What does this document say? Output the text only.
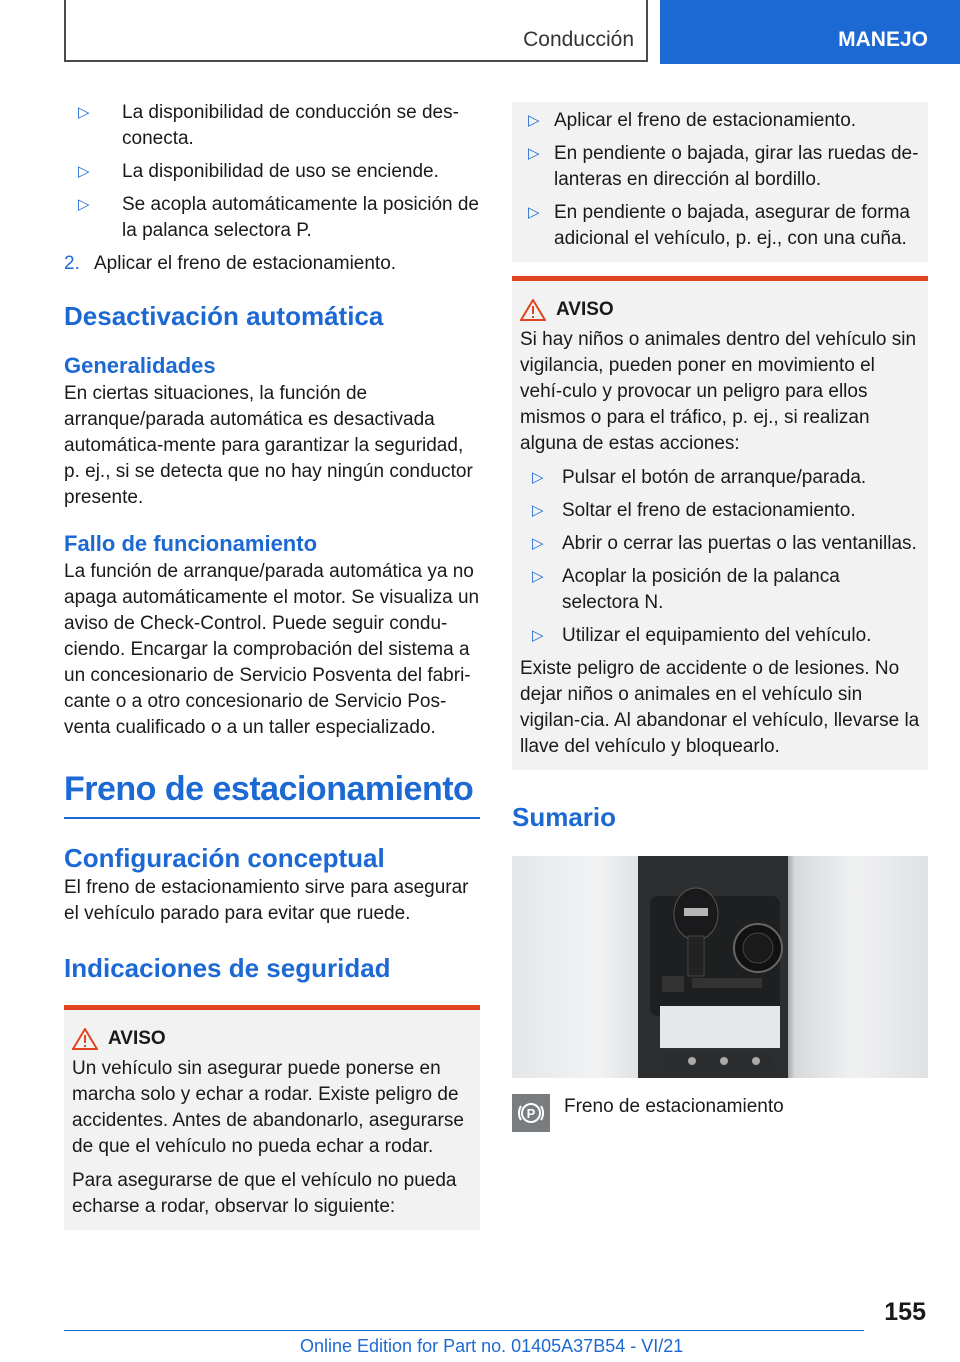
Conducción	MANEJO
▷ La disponibilidad de conducción se des-conecta.
▷ La disponibilidad de uso se enciende.
▷ Se acopla automáticamente la posición de la palanca selectora P.
2. Aplicar el freno de estacionamiento.
Desactivación automática
Generalidades

En ciertas situaciones, la función de arranque/parada automática es desactivada automática-mente para garantizar la seguridad, p. ej., si se detecta que no hay ningún conductor presente.

Fallo de funcionamiento

La función de arranque/parada automática ya no apaga automáticamente el motor. Se visualiza un aviso de Check-Control. Puede seguir condu-ciendo. Encargar la comprobación del sistema a un concesionario de Servicio Posventa del fabri-cante o a otro concesionario de Servicio Pos-venta cualificado o a un taller especializado.

Freno de estacionamiento
Configuración conceptual

El freno de estacionamiento sirve para asegurar el vehículo parado para evitar que ruede.

Indicaciones de seguridad
AVISO

Un vehículo sin asegurar puede ponerse en marcha solo y echar a rodar. Existe peligro de accidentes. Antes de abandonarlo, asegurarse de que el vehículo no pueda echar a rodar.

Para asegurarse de que el vehículo no pueda echarse a rodar, observar lo siguiente:

▷ Aplicar el freno de estacionamiento.
▷ En pendiente o bajada, girar las ruedas de-lanteras en dirección al bordillo.
▷ En pendiente o bajada, asegurar de forma adicional el vehículo, p. ej., con una cuña.
AVISO

Si hay niños o animales dentro del vehículo sin vigilancia, pueden poner en movimiento el vehí-culo y provocar un peligro para ellos mismos o para el tráfico, p. ej., si realizan alguna de estas acciones:

▷ Pulsar el botón de arranque/parada.
▷ Soltar el freno de estacionamiento.
▷ Abrir o cerrar las puertas o las ventanillas.
▷ Acoplar la posición de la palanca selectora N.
▷ Utilizar el equipamiento del vehículo.

Existe peligro de accidente o de lesiones. No dejar niños o animales en el vehículo sin vigilan-cia. Al abandonar el vehículo, llevarse la llave del vehículo y bloquearlo.

Sumario
P Freno de estacionamiento

155
Online Edition for Part no. 01405A37B54 - VI/21
